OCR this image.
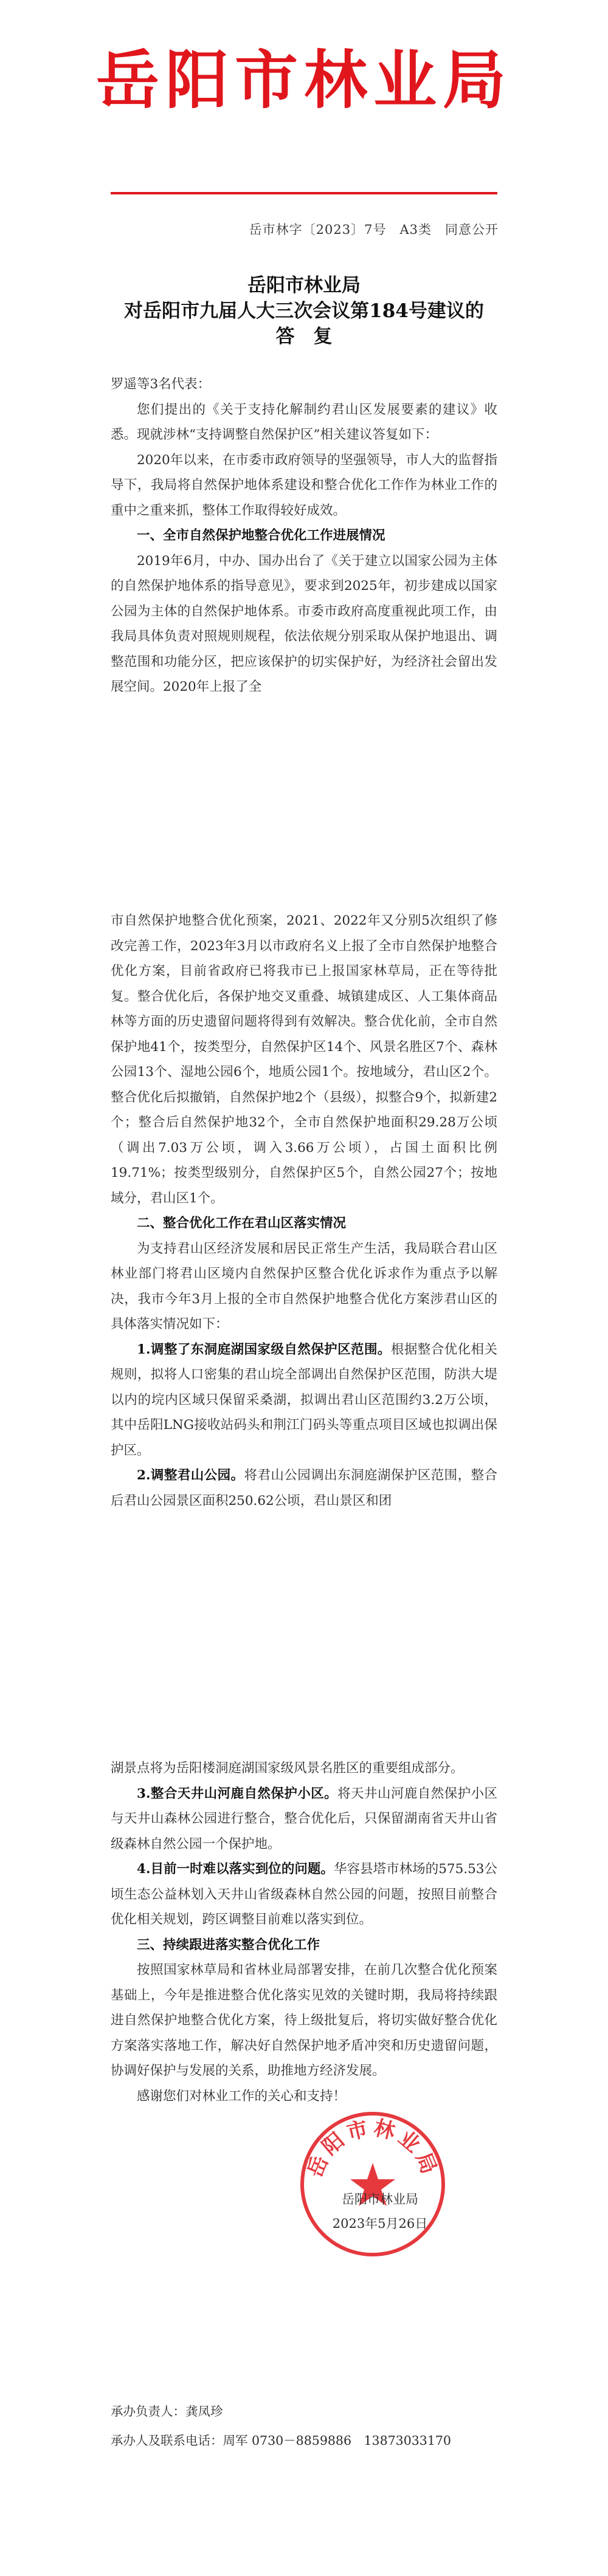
岳阳市林业局
岳市林字〔2023〕7号　A3类　同意公开
岳阳市林业局
对岳阳市九届人大三次会议第184号建议的
答　复

罗遥等3名代表：

您们提出的《关于支持化解制约君山区发展要素的建议》收悉。现就涉林“支持调整自然保护区”相关建议答复如下：

2020年以来，在市委市政府领导的坚强领导，市人大的监督指导下，我局将自然保护地体系建设和整合优化工作作为林业工作的重中之重来抓，整体工作取得较好成效。

一、全市自然保护地整合优化工作进展情况

2019年6月，中办、国办出台了《关于建立以国家公园为主体的自然保护地体系的指导意见》，要求到2025年，初步建成以国家公园为主体的自然保护地体系。市委市政府高度重视此项工作，由我局具体负责对照规则规程，依法依规分别采取从保护地退出、调整范围和功能分区，把应该保护的切实保护好，为经济社会留出发展空间。2020年上报了全

市自然保护地整合优化预案，2021、2022年又分别5次组织了修改完善工作，2023年3月以市政府名义上报了全市自然保护地整合优化方案，目前省政府已将我市已上报国家林草局，正在等待批复。整合优化后，各保护地交叉重叠、城镇建成区、人工集体商品林等方面的历史遗留问题将得到有效解决。整合优化前，全市自然保护地41个，按类型分，自然保护区14个、风景名胜区7个、森林公园13个、湿地公园6个，地质公园1个。按地域分，君山区2个。整合优化后拟撤销，自然保护地2个（县级），拟整合9个，拟新建2个；整合后自然保护地32个，全市自然保护地面积29.28万公顷（调出7.03万公顷，调入3.66万公顷），占国土面积比例19.71%；按类型级别分，自然保护区5个，自然公园27个；按地域分，君山区1个。

二、整合优化工作在君山区落实情况

为支持君山区经济发展和居民正常生产生活，我局联合君山区林业部门将君山区境内自然保护区整合优化诉求作为重点予以解决，我市今年3月上报的全市自然保护地整合优化方案涉君山区的具体落实情况如下：

1.调整了东洞庭湖国家级自然保护区范围。根据整合优化相关规则，拟将人口密集的君山垸全部调出自然保护区范围，防洪大堤以内的垸内区域只保留采桑湖，拟调出君山区范围约3.2万公顷，其中岳阳LNG接收站码头和荆江门码头等重点项目区域也拟调出保护区。

2.调整君山公园。将君山公园调出东洞庭湖保护区范围，整合后君山公园景区面积250.62公顷，君山景区和团

湖景点将为岳阳楼洞庭湖国家级风景名胜区的重要组成部分。

3.整合天井山河鹿自然保护小区。将天井山河鹿自然保护小区与天井山森林公园进行整合，整合优化后，只保留湖南省天井山省级森林自然公园一个保护地。

4.目前一时难以落实到位的问题。华容县塔市林场的575.53公顷生态公益林划入天井山省级森林自然公园的问题，按照目前整合优化相关规划，跨区调整目前难以落实到位。

三、持续跟进落实整合优化工作

按照国家林草局和省林业局部署安排，在前几次整合优化预案基础上，今年是推进整合优化落实见效的关键时期，我局将持续跟进自然保护地整合优化方案，待上级批复后，将切实做好整合优化方案落实落地工作，解决好自然保护地矛盾冲突和历史遗留问题，协调好保护与发展的关系，助推地方经济发展。

感谢您们对林业工作的关心和支持！

岳阳市林业局
岳阳市林业局
2023年5月26日
承办负责人：龚凤珍
承办人及联系电话：周军 0730－8859886　13873033170
